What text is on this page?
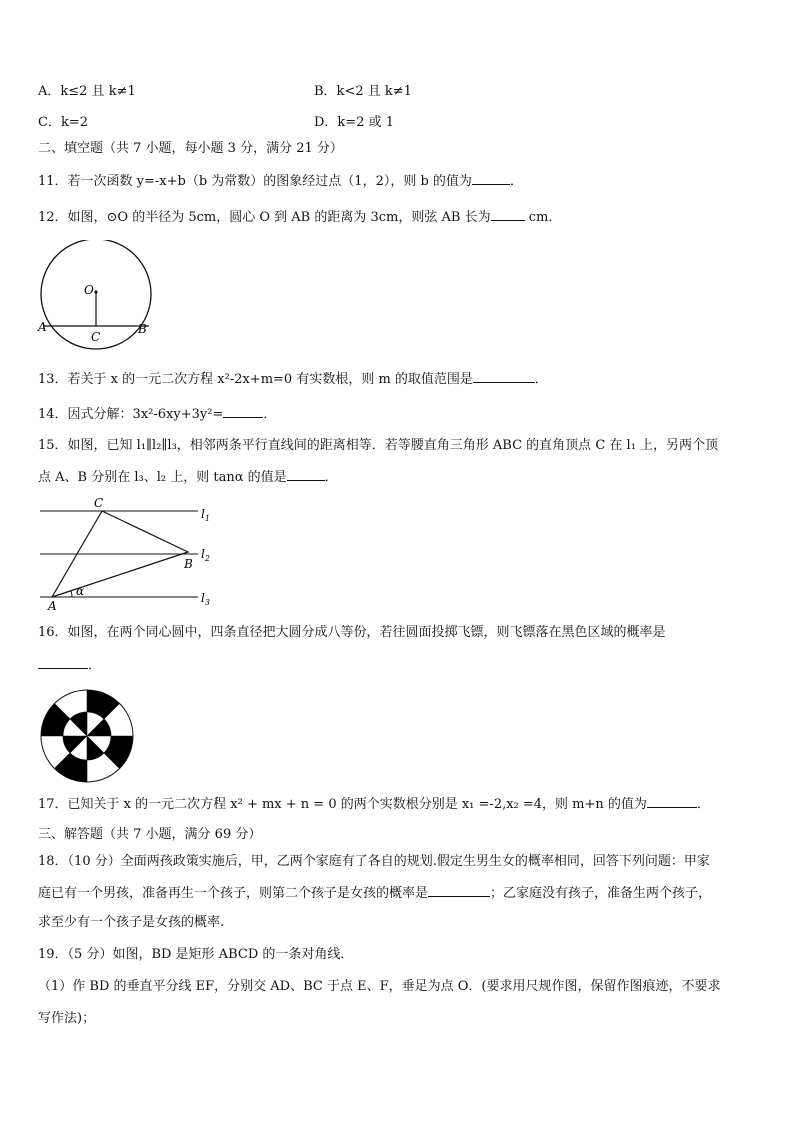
A．k≤2 且 k≠1	B．k<2 且 k≠1
C．k=2	D．k=2 或 1
二、填空题（共 7 小题，每小题 3 分，满分 21 分）
11．若一次函数 y=-x+b（b 为常数）的图象经过点（1，2），则 b 的值为	．
12．如图，⊙O 的半径为 5cm，圆心 O 到 AB 的距离为 3cm，则弦 AB 长为	cm．
O
A	B
C
13．若关于 x 的一元二次方程 x²-2x+m=0 有实数根，则 m 的取值范围是	．
14．因式分解：3x²-6xy+3y²=	．
15．如图，已知 l₁∥l₂∥l₃，相邻两条平行直线间的距离相等．若等腰直角三角形 ABC 的直角顶点 C 在 l₁ 上，另两个顶
点 A、B 分别在 l₃、l₂ 上，则 tanα 的值是	．
C
B
A
α
$l_1$
$l_2$
$l_3$
16．如图，在两个同心圆中，四条直径把大圆分成八等份，若往圆面投掷飞镖，则飞镖落在黑色区域的概率是
．
17．已知关于 x 的一元二次方程 x² + mx + n = 0 的两个实数根分别是 x₁ =-2,x₂ =4，则 m+n 的值为	．
三、解答题（共 7 小题，满分 69 分）
18．（10 分）全面两孩政策实施后，甲，乙两个家庭有了各自的规划.假定生男生女的概率相同，回答下列问题：甲家
庭已有一个男孩，准备再生一个孩子，则第二个孩子是女孩的概率是	；乙家庭没有孩子，准备生两个孩子，
求至少有一个孩子是女孩的概率.
19．（5 分）如图，BD 是矩形 ABCD 的一条对角线．
（1）作 BD 的垂直平分线 EF，分别交 AD、BC 于点 E、F，垂足为点 O．(要求用尺规作图，保留作图痕迹，不要求
写作法)；
